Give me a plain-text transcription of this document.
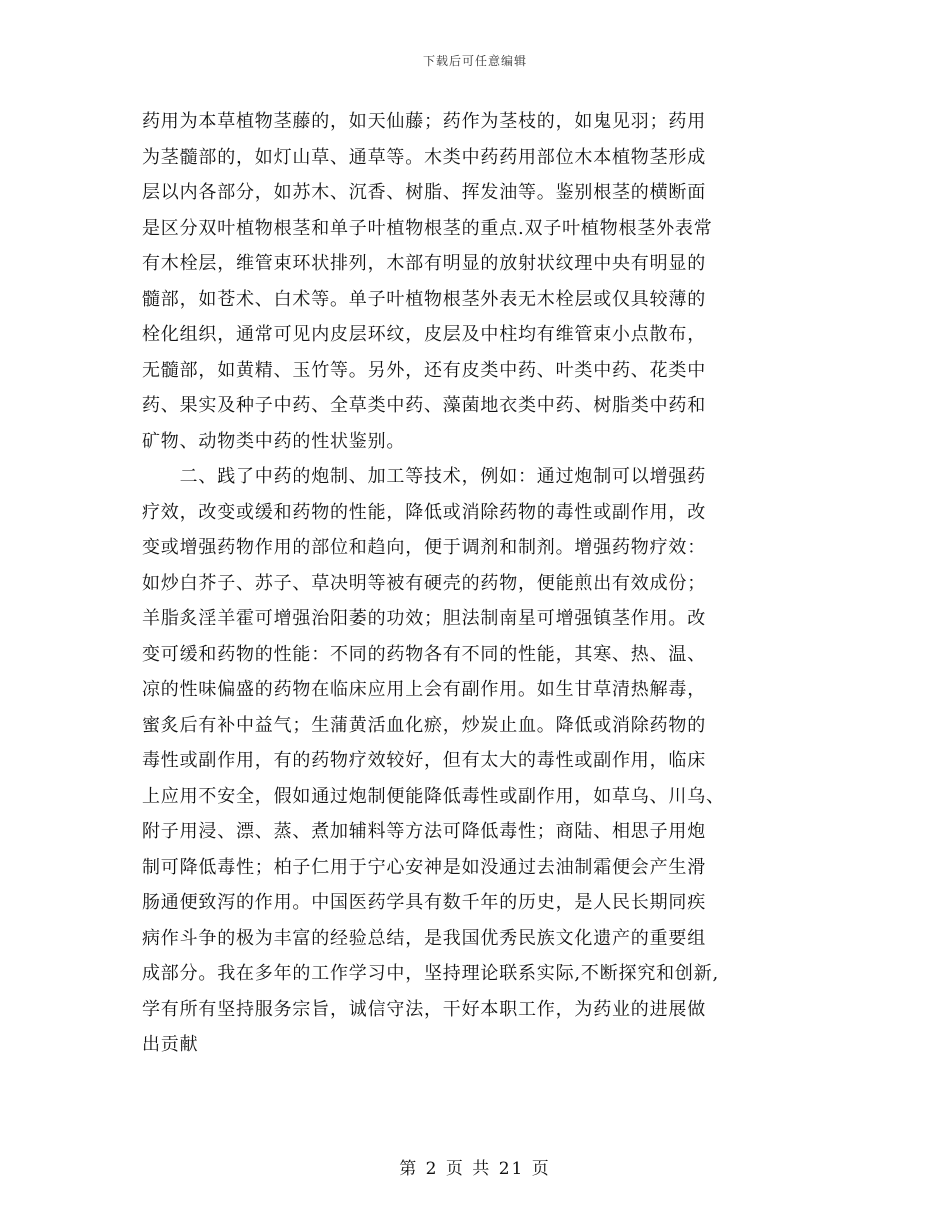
下载后可任意编辑
药用为本草植物茎藤的，如天仙藤；药作为茎枝的，如鬼见羽；药用
为茎髓部的，如灯山草、通草等。木类中药药用部位木本植物茎形成
层以内各部分，如苏木、沉香、树脂、挥发油等。鉴别根茎的横断面
是区分双叶植物根茎和单子叶植物根茎的重点.双子叶植物根茎外表常
有木栓层，维管束环状排列，木部有明显的放射状纹理中央有明显的
髓部，如苍术、白术等。单子叶植物根茎外表无木栓层或仅具较薄的
栓化组织，通常可见内皮层环纹，皮层及中柱均有维管束小点散布，
无髓部，如黄精、玉竹等。另外，还有皮类中药、叶类中药、花类中
药、果实及种子中药、全草类中药、藻菌地衣类中药、树脂类中药和
矿物、动物类中药的性状鉴别。
　　二、践了中药的炮制、加工等技术，例如：通过炮制可以增强药
疗效，改变或缓和药物的性能，降低或消除药物的毒性或副作用，改
变或增强药物作用的部位和趋向，便于调剂和制剂。增强药物疗效：
如炒白芥子、苏子、草决明等被有硬壳的药物，便能煎出有效成份；
羊脂炙淫羊霍可增强治阳萎的功效；胆法制南星可增强镇茎作用。改
变可缓和药物的性能：不同的药物各有不同的性能，其寒、热、温、
凉的性味偏盛的药物在临床应用上会有副作用。如生甘草清热解毒，
蜜炙后有补中益气；生蒲黄活血化瘀，炒炭止血。降低或消除药物的
毒性或副作用，有的药物疗效较好，但有太大的毒性或副作用，临床
上应用不安全，假如通过炮制便能降低毒性或副作用，如草乌、川乌、
附子用浸、漂、蒸、煮加辅料等方法可降低毒性；商陆、相思子用炮
制可降低毒性；柏子仁用于宁心安神是如没通过去油制霜便会产生滑
肠通便致泻的作用。中国医药学具有数千年的历史，是人民长期同疾
病作斗争的极为丰富的经验总结，是我国优秀民族文化遗产的重要组
成部分。我在多年的工作学习中，坚持理论联系实际,不断探究和创新,
学有所有坚持服务宗旨，诚信守法，干好本职工作，为药业的进展做
出贡献
第 2 页 共 21 页
